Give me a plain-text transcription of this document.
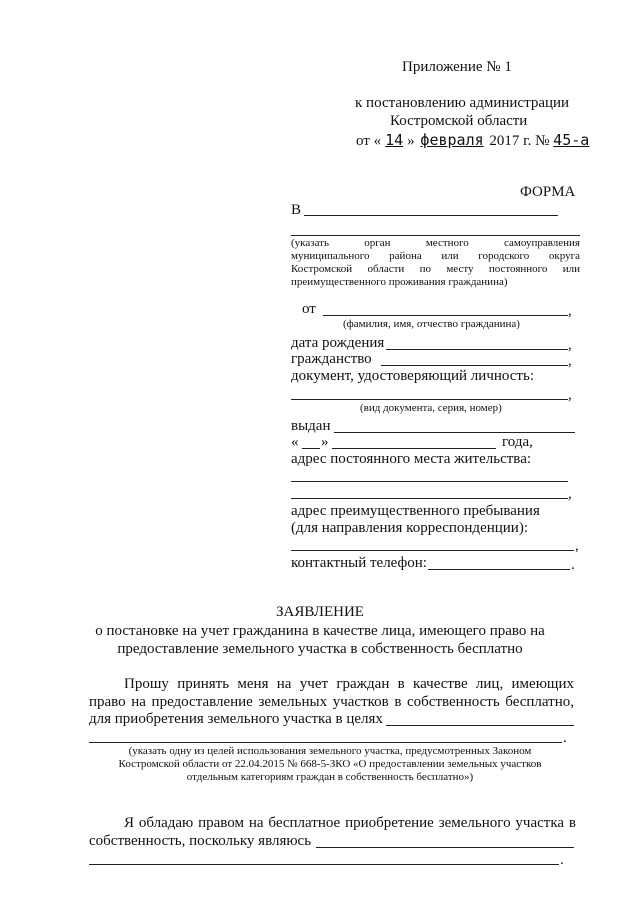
Приложение № 1
к постановлению администрации
Костромской области
от « 14 » февраля 2017 г. № 45-а
ФОРМА
В
(указать орган местного самоуправления
муниципального района или городского округа
Костромской области по месту постоянного или
преимущественного проживания гражданина)
от	,
(фамилия, имя, отчество гражданина)
дата рождения	,
гражданство	,
документ, удостоверяющий личность:
,
(вид документа, серия, номер)
выдан
« »	года,
адрес постоянного места жительства:
,
адрес преимущественного пребывания
(для направления корреспонденции):
,
контактный телефон:	.
ЗАЯВЛЕНИЕ
о постановке на учет гражданина в качестве лица, имеющего право на
предоставление земельного участка в собственность бесплатно
Прошу принять меня на учет граждан в качестве лиц, имеющих
право на предоставление земельных участков в собственность бесплатно,
для приобретения земельного участка в целях
.
(указать одну из целей использования земельного участка, предусмотренных Законом
Костромской области от 22.04.2015 № 668-5-ЗКО «О предоставлении земельных участков
отдельным категориям граждан в собственность бесплатно»)
Я обладаю правом на бесплатное приобретение земельного участка в
собственность, поскольку являюсь
.
